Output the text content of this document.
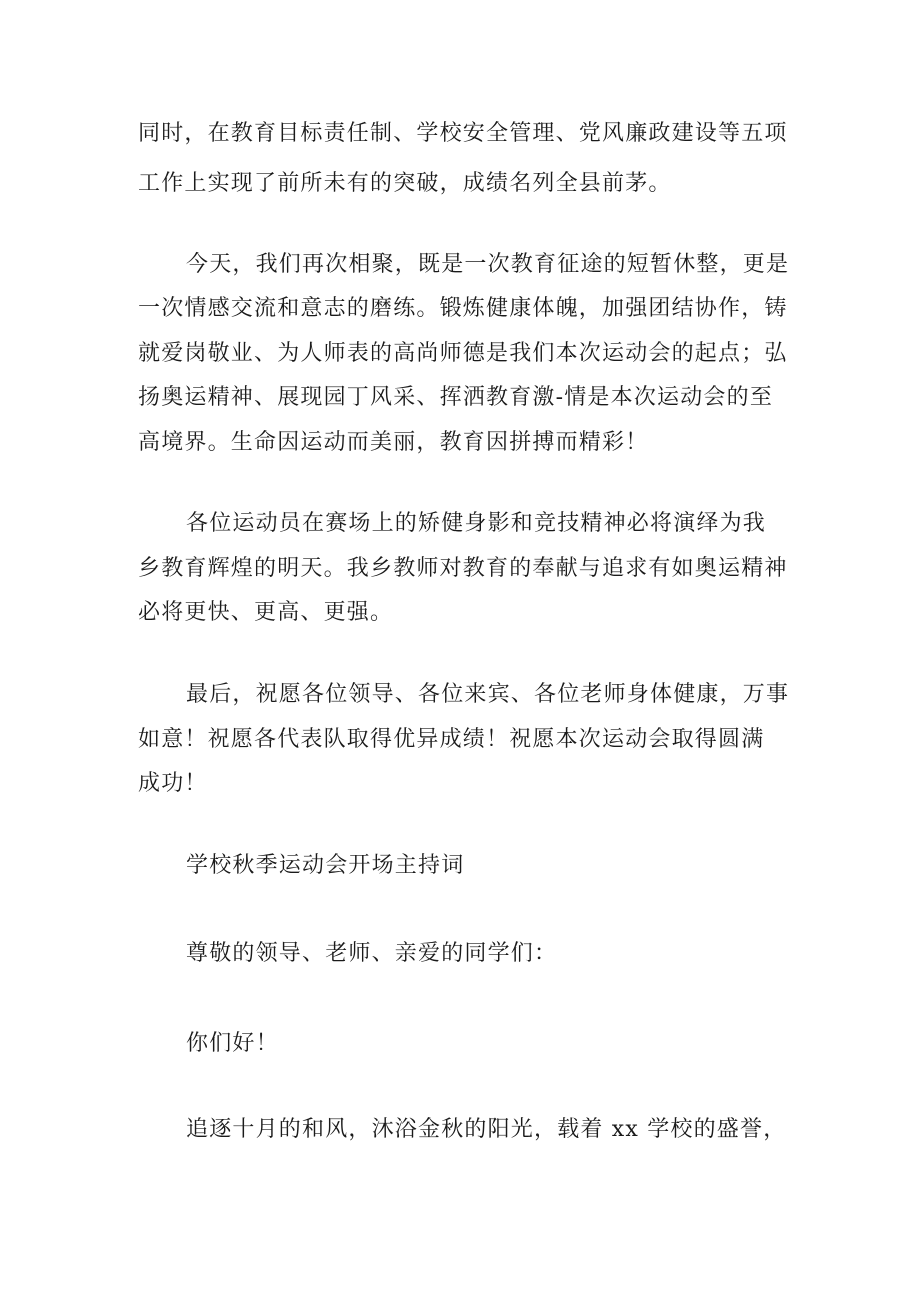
同时，在教育目标责任制、学校安全管理、党风廉政建设等五项

工作上实现了前所未有的突破，成绩名列全县前茅。

今天，我们再次相聚，既是一次教育征途的短暂休整，更是

一次情感交流和意志的磨练。锻炼健康体魄，加强团结协作，铸

就爱岗敬业、为人师表的高尚师德是我们本次运动会的起点；弘

扬奥运精神、展现园丁风采、挥洒教育激-情是本次运动会的至

高境界。生命因运动而美丽，教育因拼搏而精彩！

各位运动员在赛场上的矫健身影和竞技精神必将演绎为我

乡教育辉煌的明天。我乡教师对教育的奉献与追求有如奥运精神

必将更快、更高、更强。

最后，祝愿各位领导、各位来宾、各位老师身体健康，万事

如意！祝愿各代表队取得优异成绩！祝愿本次运动会取得圆满

成功！

学校秋季运动会开场主持词

尊敬的领导、老师、亲爱的同学们：

你们好！

追逐十月的和风，沐浴金秋的阳光，载着 xx 学校的盛誉，
